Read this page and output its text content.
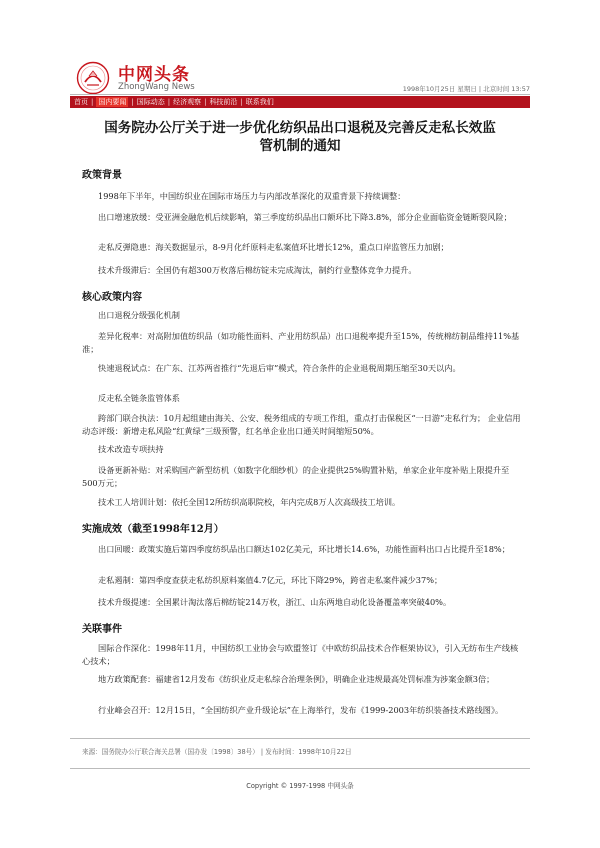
中网头条
ZhongWang News	1998年10月25日 星期日 | 北京时间 13:57
首页 | 国内要闻 | 国际动态 | 经济观察 | 科技前沿 | 联系我们
国务院办公厅关于进一步优化纺织品出口退税及完善反走私长效监
管机制的通知
政策背景
1998年下半年，中国纺织业在国际市场压力与内部改革深化的双重背景下持续调整：
出口增速放缓：受亚洲金融危机后续影响，第三季度纺织品出口额环比下降3.8%，部分企业面临资金链断裂风险；
走私反弹隐患：海关数据显示，8-9月化纤原料走私案值环比增长12%，重点口岸监管压力加剧；
技术升级滞后：全国仍有超300万枚落后棉纺锭未完成淘汰，制约行业整体竞争力提升。
核心政策内容
出口退税分级强化机制
差异化税率：对高附加值纺织品（如功能性面料、产业用纺织品）出口退税率提升至15%，传统棉纺制品维持11%基准；
快速退税试点：在广东、江苏两省推行“先退后审”模式，符合条件的企业退税周期压缩至30天以内。
反走私全链条监管体系
跨部门联合执法：10月起组建由海关、公安、税务组成的专项工作组，重点打击保税区“一日游”走私行为； 企业信用动态评级：新增走私风险“红黄绿”三级预警，红名单企业出口通关时间缩短50%。
技术改造专项扶持
设备更新补贴：对采购国产新型纺机（如数字化细纱机）的企业提供25%购置补贴，单家企业年度补贴上限提升至500万元；
技术工人培训计划：依托全国12所纺织高职院校，年内完成8万人次高级技工培训。
实施成效（截至1998年12月）
出口回暖：政策实施后第四季度纺织品出口额达102亿美元，环比增长14.6%，功能性面料出口占比提升至18%；
走私遏制：第四季度查获走私纺织原料案值4.7亿元，环比下降29%，跨省走私案件减少37%；
技术升级提速：全国累计淘汰落后棉纺锭214万枚，浙江、山东两地自动化设备覆盖率突破40%。
关联事件
国际合作深化：1998年11月，中国纺织工业协会与欧盟签订《中欧纺织品技术合作框架协议》，引入无纺布生产线核心技术；
地方政策配套：福建省12月发布《纺织业反走私综合治理条例》，明确企业违规最高处罚标准为涉案金额3倍；
行业峰会召开：12月15日，“全国纺织产业升级论坛”在上海举行，发布《1999-2003年纺织装备技术路线图》。
来源：国务院办公厅联合海关总署（国办发〔1998〕38号） | 发布时间：1998年10月22日
Copyright © 1997-1998 中网头条
